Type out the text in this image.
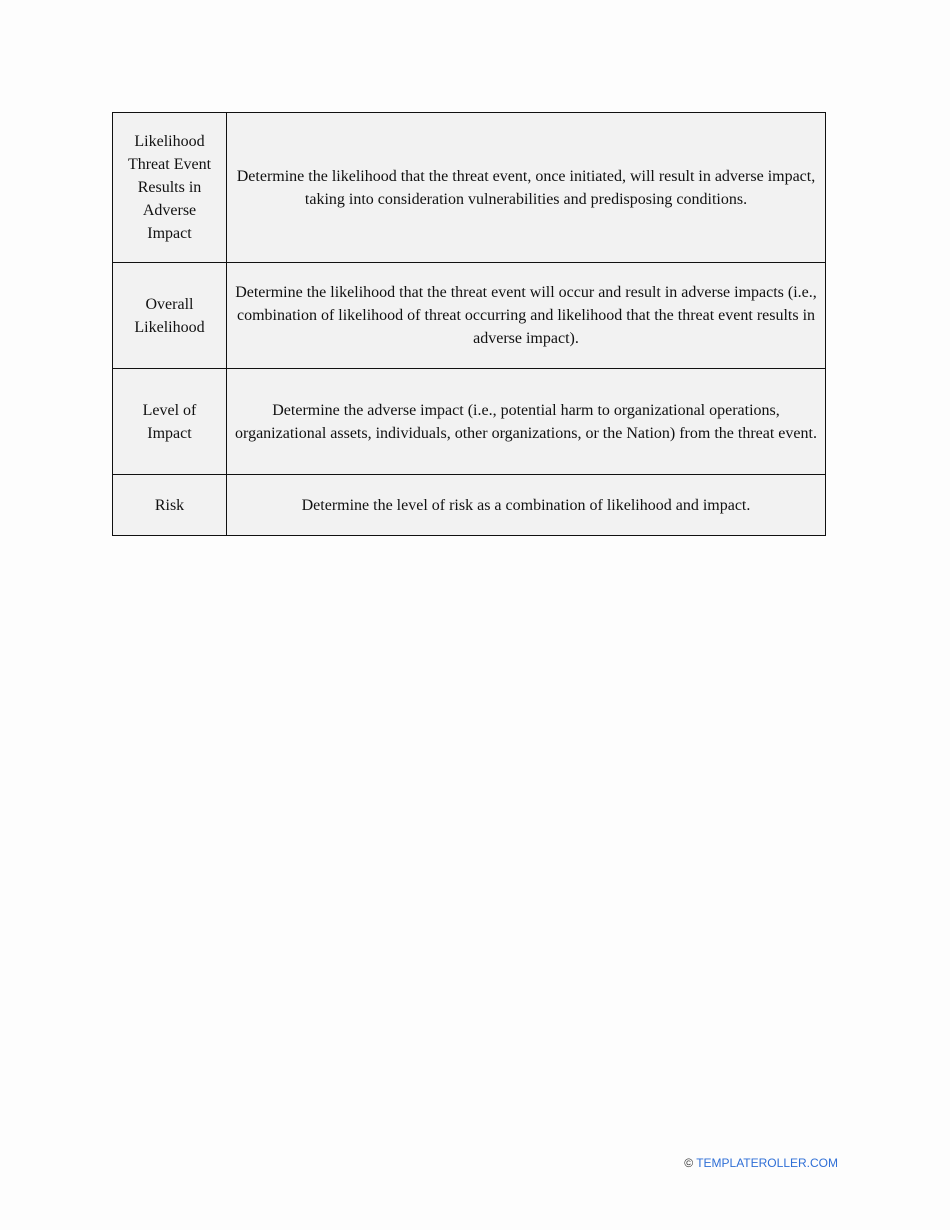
Likelihood Threat Event Results in Adverse Impact	Determine the likelihood that the threat event, once initiated, will result in adverse impact, taking into consideration vulnerabilities and predisposing conditions.
Overall Likelihood	Determine the likelihood that the threat event will occur and result in adverse impacts (i.e., combination of likelihood of threat occurring and likelihood that the threat event results in adverse impact).
Level of Impact	Determine the adverse impact (i.e., potential harm to organizational operations, organizational assets, individuals, other organizations, or the Nation) from the threat event.
Risk	Determine the level of risk as a combination of likelihood and impact.
© TEMPLATEROLLER.COM
